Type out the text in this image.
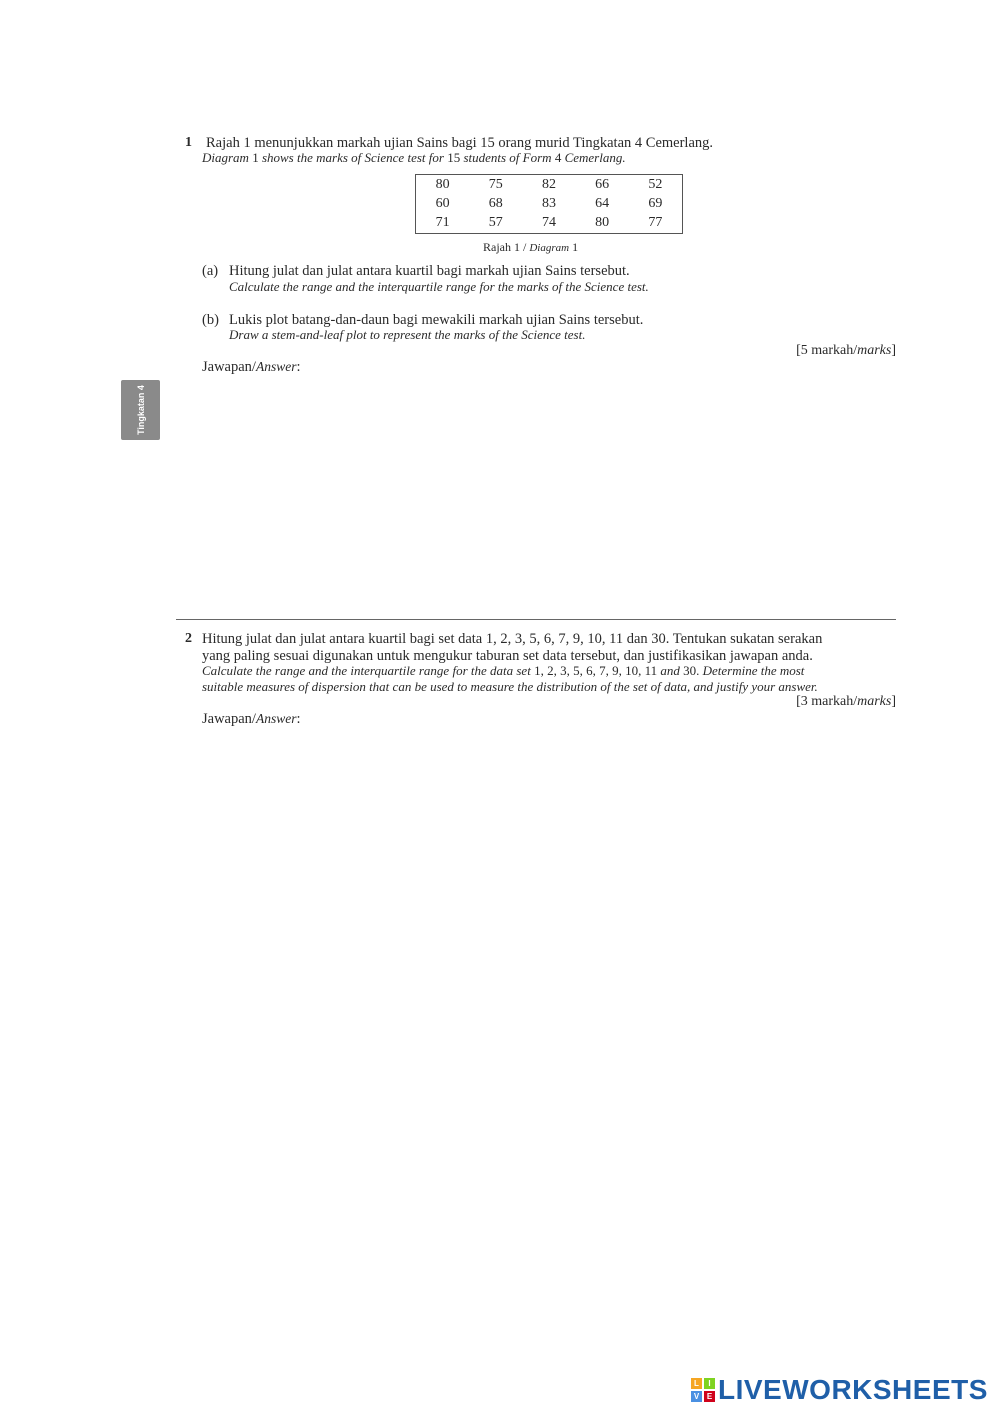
1 Rajah 1 menunjukkan markah ujian Sains bagi 15 orang murid Tingkatan 4 Cemerlang.
Diagram 1 shows the marks of Science test for 15 students of Form 4 Cemerlang.
80	75	82	66	52
60	68	83	64	69
71	57	74	80	77
Rajah 1 / Diagram 1
(a) Hitung julat dan julat antara kuartil bagi markah ujian Sains tersebut.
Calculate the range and the interquartile range for the marks of the Science test.
(b) Lukis plot batang-dan-daun bagi mewakili markah ujian Sains tersebut.
Draw a stem-and-leaf plot to represent the marks of the Science test.
[5 markah/marks]
Jawapan/Answer:
Tingkatan 4
2 Hitung julat dan julat antara kuartil bagi set data 1, 2, 3, 5, 6, 7, 9, 10, 11 dan 30. Tentukan sukatan serakan
yang paling sesuai digunakan untuk mengukur taburan set data tersebut, dan justifikasikan jawapan anda.
Calculate the range and the interquartile range for the data set 1, 2, 3, 5, 6, 7, 9, 10, 11 and 30. Determine the most
suitable measures of dispersion that can be used to measure the distribution of the set of data, and justify your answer.
[3 markah/marks]
Jawapan/Answer:
L	I
V E LIVEWORKSHEETS
